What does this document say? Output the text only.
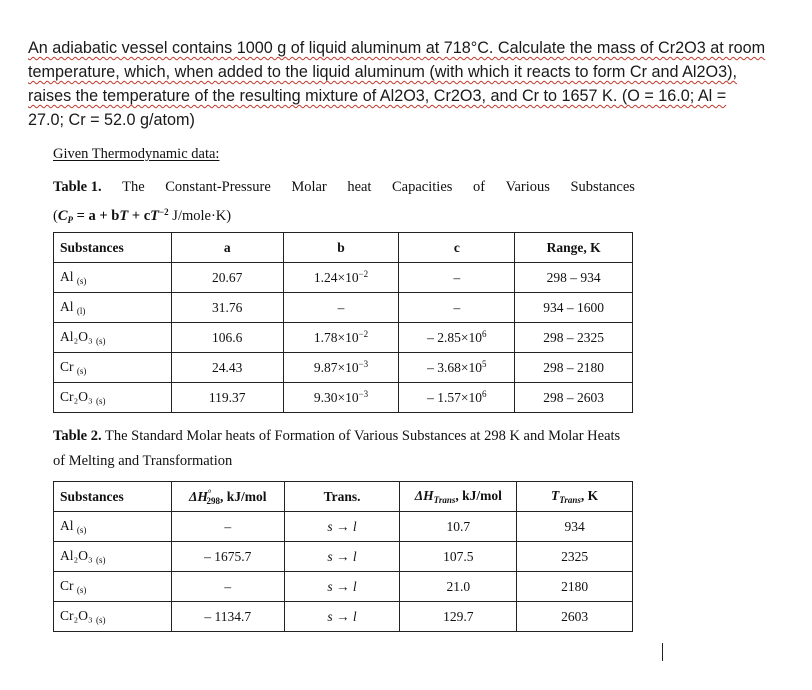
An adiabatic vessel contains 1000 g of liquid aluminum at 718°C. Calculate the mass of Cr2O3 at room

temperature, which, when added to the liquid aluminum (with which it reacts to form Cr and Al2O3),

raises the temperature of the resulting mixture of Al2O3, Cr2O3, and Cr to 1657 K. (O = 16.0; Al =

27.0; Cr = 52.0 g/atom)

Given Thermodynamic data:
Table 1. The Constant-Pressure Molar heat Capacities of Various Substances
($C_P = a$ + bT + $cT^{-2}$ J/mole·K)
Substances	a	b	c	Range, K
Al $_{(s)}$	20.67	$1.24\times 10^{-2}$	–	298 – 934
Al $_{(l)}$	31.76	–	–	934 – 1600
Al₂O₃ $_{(s)}$	106.6	$1.78\times 10^{-2}$	– $2.85\times 10^6$	298 – 2325
Cr $_{(s)}$	24.43	$9.87\times 10^{-3}$	– $3.68\times 10^5$	298 – 2180
Cr₂O₃ $_{(s)}$	119.37	$9.30\times 10^{-3}$	– $1.57\times 10^6$	298 – 2603
Table 2. The Standard Molar heats of Formation of Various Substances at 298 K and Molar Heats
of Melting and Transformation
Substances	$\Delta H^\circ_{298}$, kJ/mol	Trans.	$\Delta H_{Trans}$, kJ/mol	$T_{Trans}$, K
Al $_{(s)}$	–	s → l	10.7	934
Al₂O₃ $_{(s)}$	– 1675.7	s → l	107.5	2325
Cr $_{(s)}$	–	s → l	21.0	2180
Cr₂O₃ $_{(s)}$	– 1134.7	s → l	129.7	2603
